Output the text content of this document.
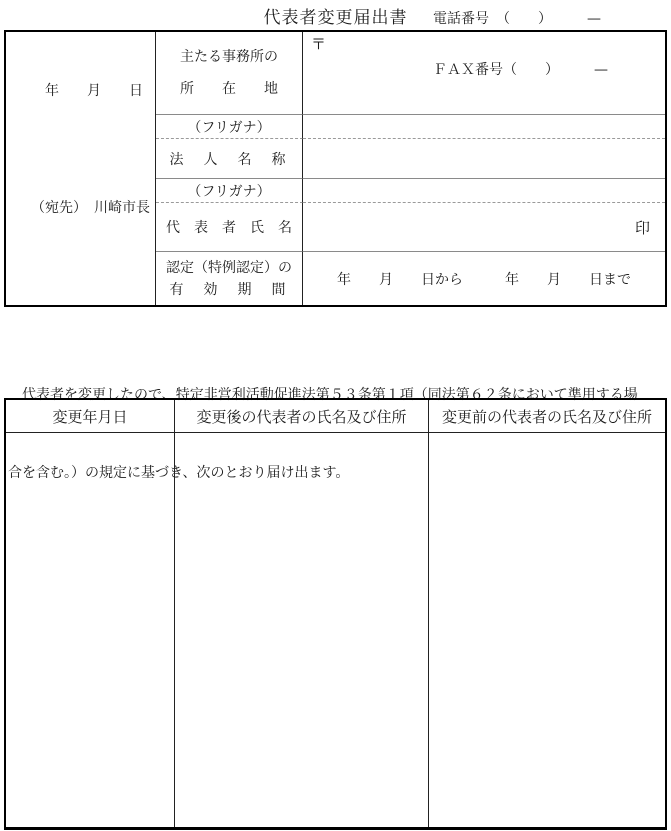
代表者変更届出書
年　　月　　日
（宛先）　川崎市長
主たる事務所の
所　　在　　地
〒

電話番号　（　　）　　　—

ＦＡＸ番号（　　）　　　—

（フリガナ）
法　人　名　称
（フリガナ）
代　表　者　氏　名	印
認定（特例認定）の
有　効　期　間
年　　月　　日から　　　年　　月　　日まで

　代表者を変更したので、特定非営利活動促進法第５３条第１項（同法第６２条において準用する場

合を含む。）の規定に基づき、次のとおり届け出ます。

変更年月日	変更後の代表者の氏名及び住所	変更前の代表者の氏名及び住所
